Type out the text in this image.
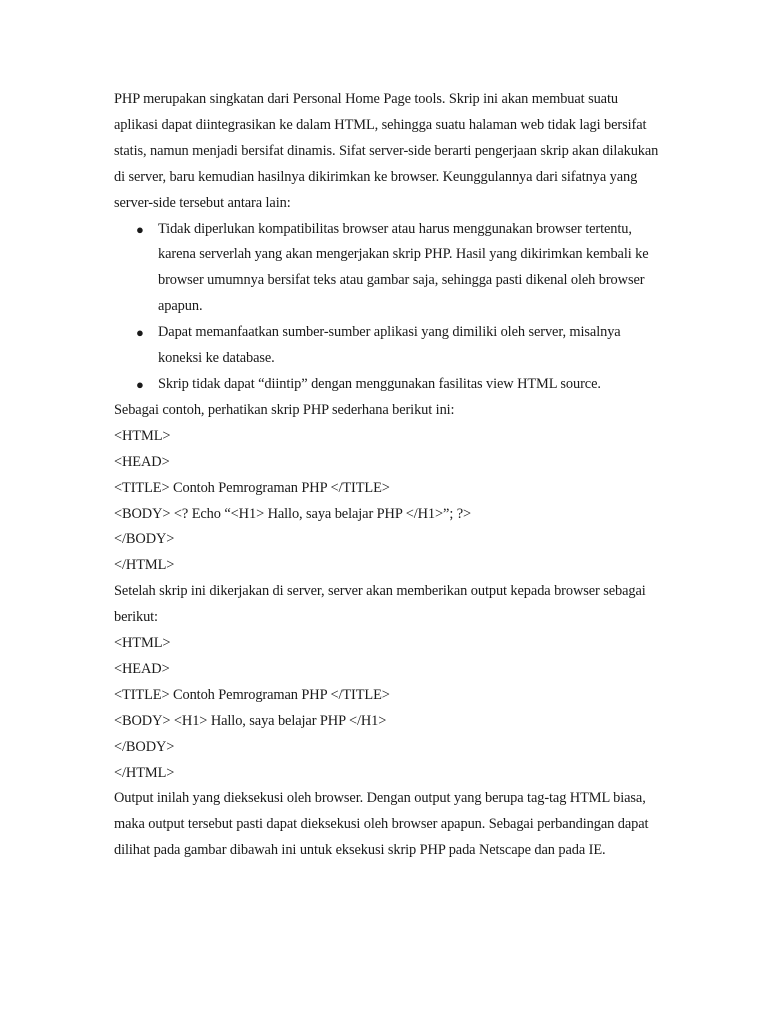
PHP merupakan singkatan dari Personal Home Page tools. Skrip ini akan membuat suatu aplikasi dapat diintegrasikan ke dalam HTML, sehingga suatu halaman web tidak lagi bersifat statis, namun menjadi bersifat dinamis. Sifat server-side berarti pengerjaan skrip akan dilakukan di server, baru kemudian hasilnya dikirimkan ke browser. Keunggulannya dari sifatnya yang server-side tersebut antara lain:

● Tidak diperlukan kompatibilitas browser atau harus menggunakan browser tertentu, karena serverlah yang akan mengerjakan skrip PHP. Hasil yang dikirimkan kembali ke browser umumnya bersifat teks atau gambar saja, sehingga pasti dikenal oleh browser apapun.
● Dapat memanfaatkan sumber-sumber aplikasi yang dimiliki oleh server, misalnya koneksi ke database.
● Skrip tidak dapat “diintip” dengan menggunakan fasilitas view HTML source.

Sebagai contoh, perhatikan skrip PHP sederhana berikut ini:

<HTML>
<HEAD>
<TITLE> Contoh Pemrograman PHP </TITLE>
<BODY> <? Echo “<H1> Hallo, saya belajar PHP </H1>”; ?>
</BODY>
</HTML>

Setelah skrip ini dikerjakan di server, server akan memberikan output kepada browser sebagai berikut:

<HTML>
<HEAD>
<TITLE> Contoh Pemrograman PHP </TITLE>
<BODY> <H1> Hallo, saya belajar PHP </H1>
</BODY>
</HTML>

Output inilah yang dieksekusi oleh browser. Dengan output yang berupa tag-tag HTML biasa, maka output tersebut pasti dapat dieksekusi oleh browser apapun. Sebagai perbandingan dapat dilihat pada gambar dibawah ini untuk eksekusi skrip PHP pada Netscape dan pada IE.
